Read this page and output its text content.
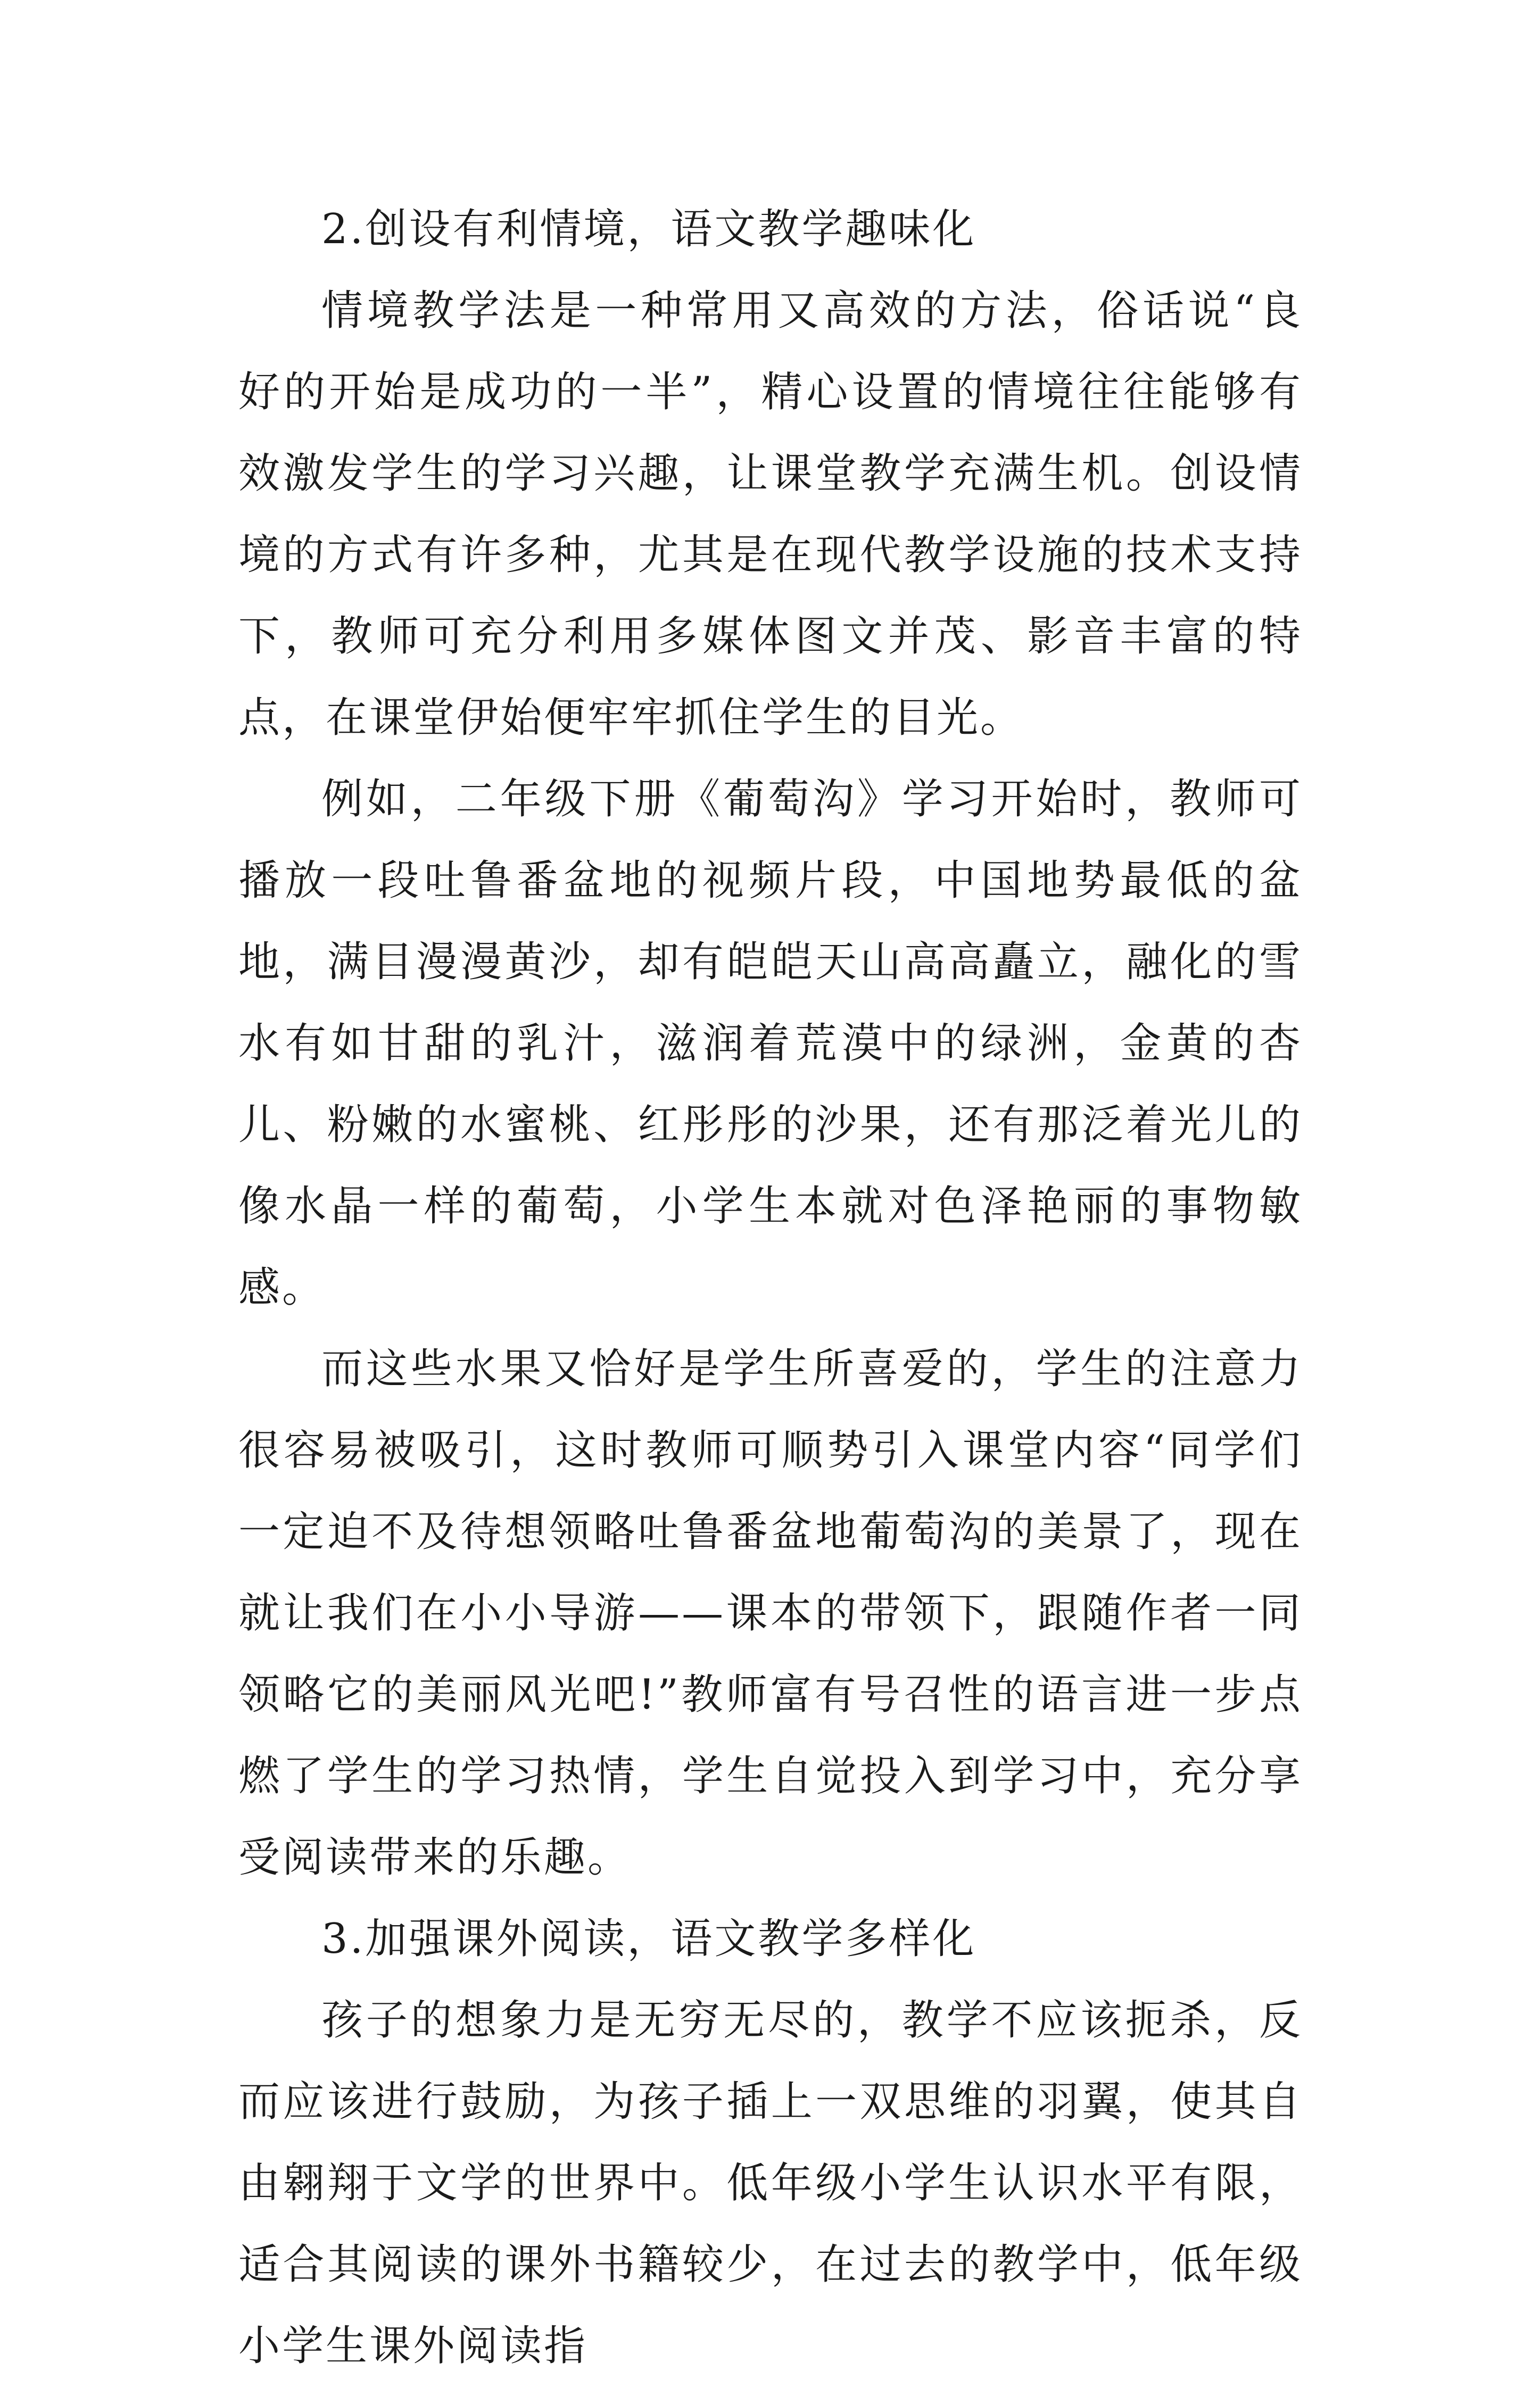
2.创设有利情境，语文教学趣味化

情境教学法是一种常用又高效的方法，俗话说“良好的开始是成功的一半”，精心设置的情境往往能够有效激发学生的学习兴趣，让课堂教学充满生机。创设情境的方式有许多种，尤其是在现代教学设施的技术支持下，教师可充分利用多媒体图文并茂、影音丰富的特点，在课堂伊始便牢牢抓住学生的目光。

例如，二年级下册《葡萄沟》学习开始时，教师可播放一段吐鲁番盆地的视频片段，中国地势最低的盆地，满目漫漫黄沙，却有皑皑天山高高矗立，融化的雪水有如甘甜的乳汁，滋润着荒漠中的绿洲，金黄的杏儿、粉嫩的水蜜桃、红彤彤的沙果，还有那泛着光儿的像水晶一样的葡萄，小学生本就对色泽艳丽的事物敏感。

而这些水果又恰好是学生所喜爱的，学生的注意力很容易被吸引，这时教师可顺势引入课堂内容“同学们一定迫不及待想领略吐鲁番盆地葡萄沟的美景了，现在就让我们在小小导游——课本的带领下，跟随作者一同领略它的美丽风光吧!”教师富有号召性的语言进一步点燃了学生的学习热情，学生自觉投入到学习中，充分享受阅读带来的乐趣。

3.加强课外阅读，语文教学多样化

孩子的想象力是无穷无尽的，教学不应该扼杀，反而应该进行鼓励，为孩子插上一双思维的羽翼，使其自由翱翔于文学的世界中。低年级小学生认识水平有限，适合其阅读的课外书籍较少，在过去的教学中，低年级小学生课外阅读指
